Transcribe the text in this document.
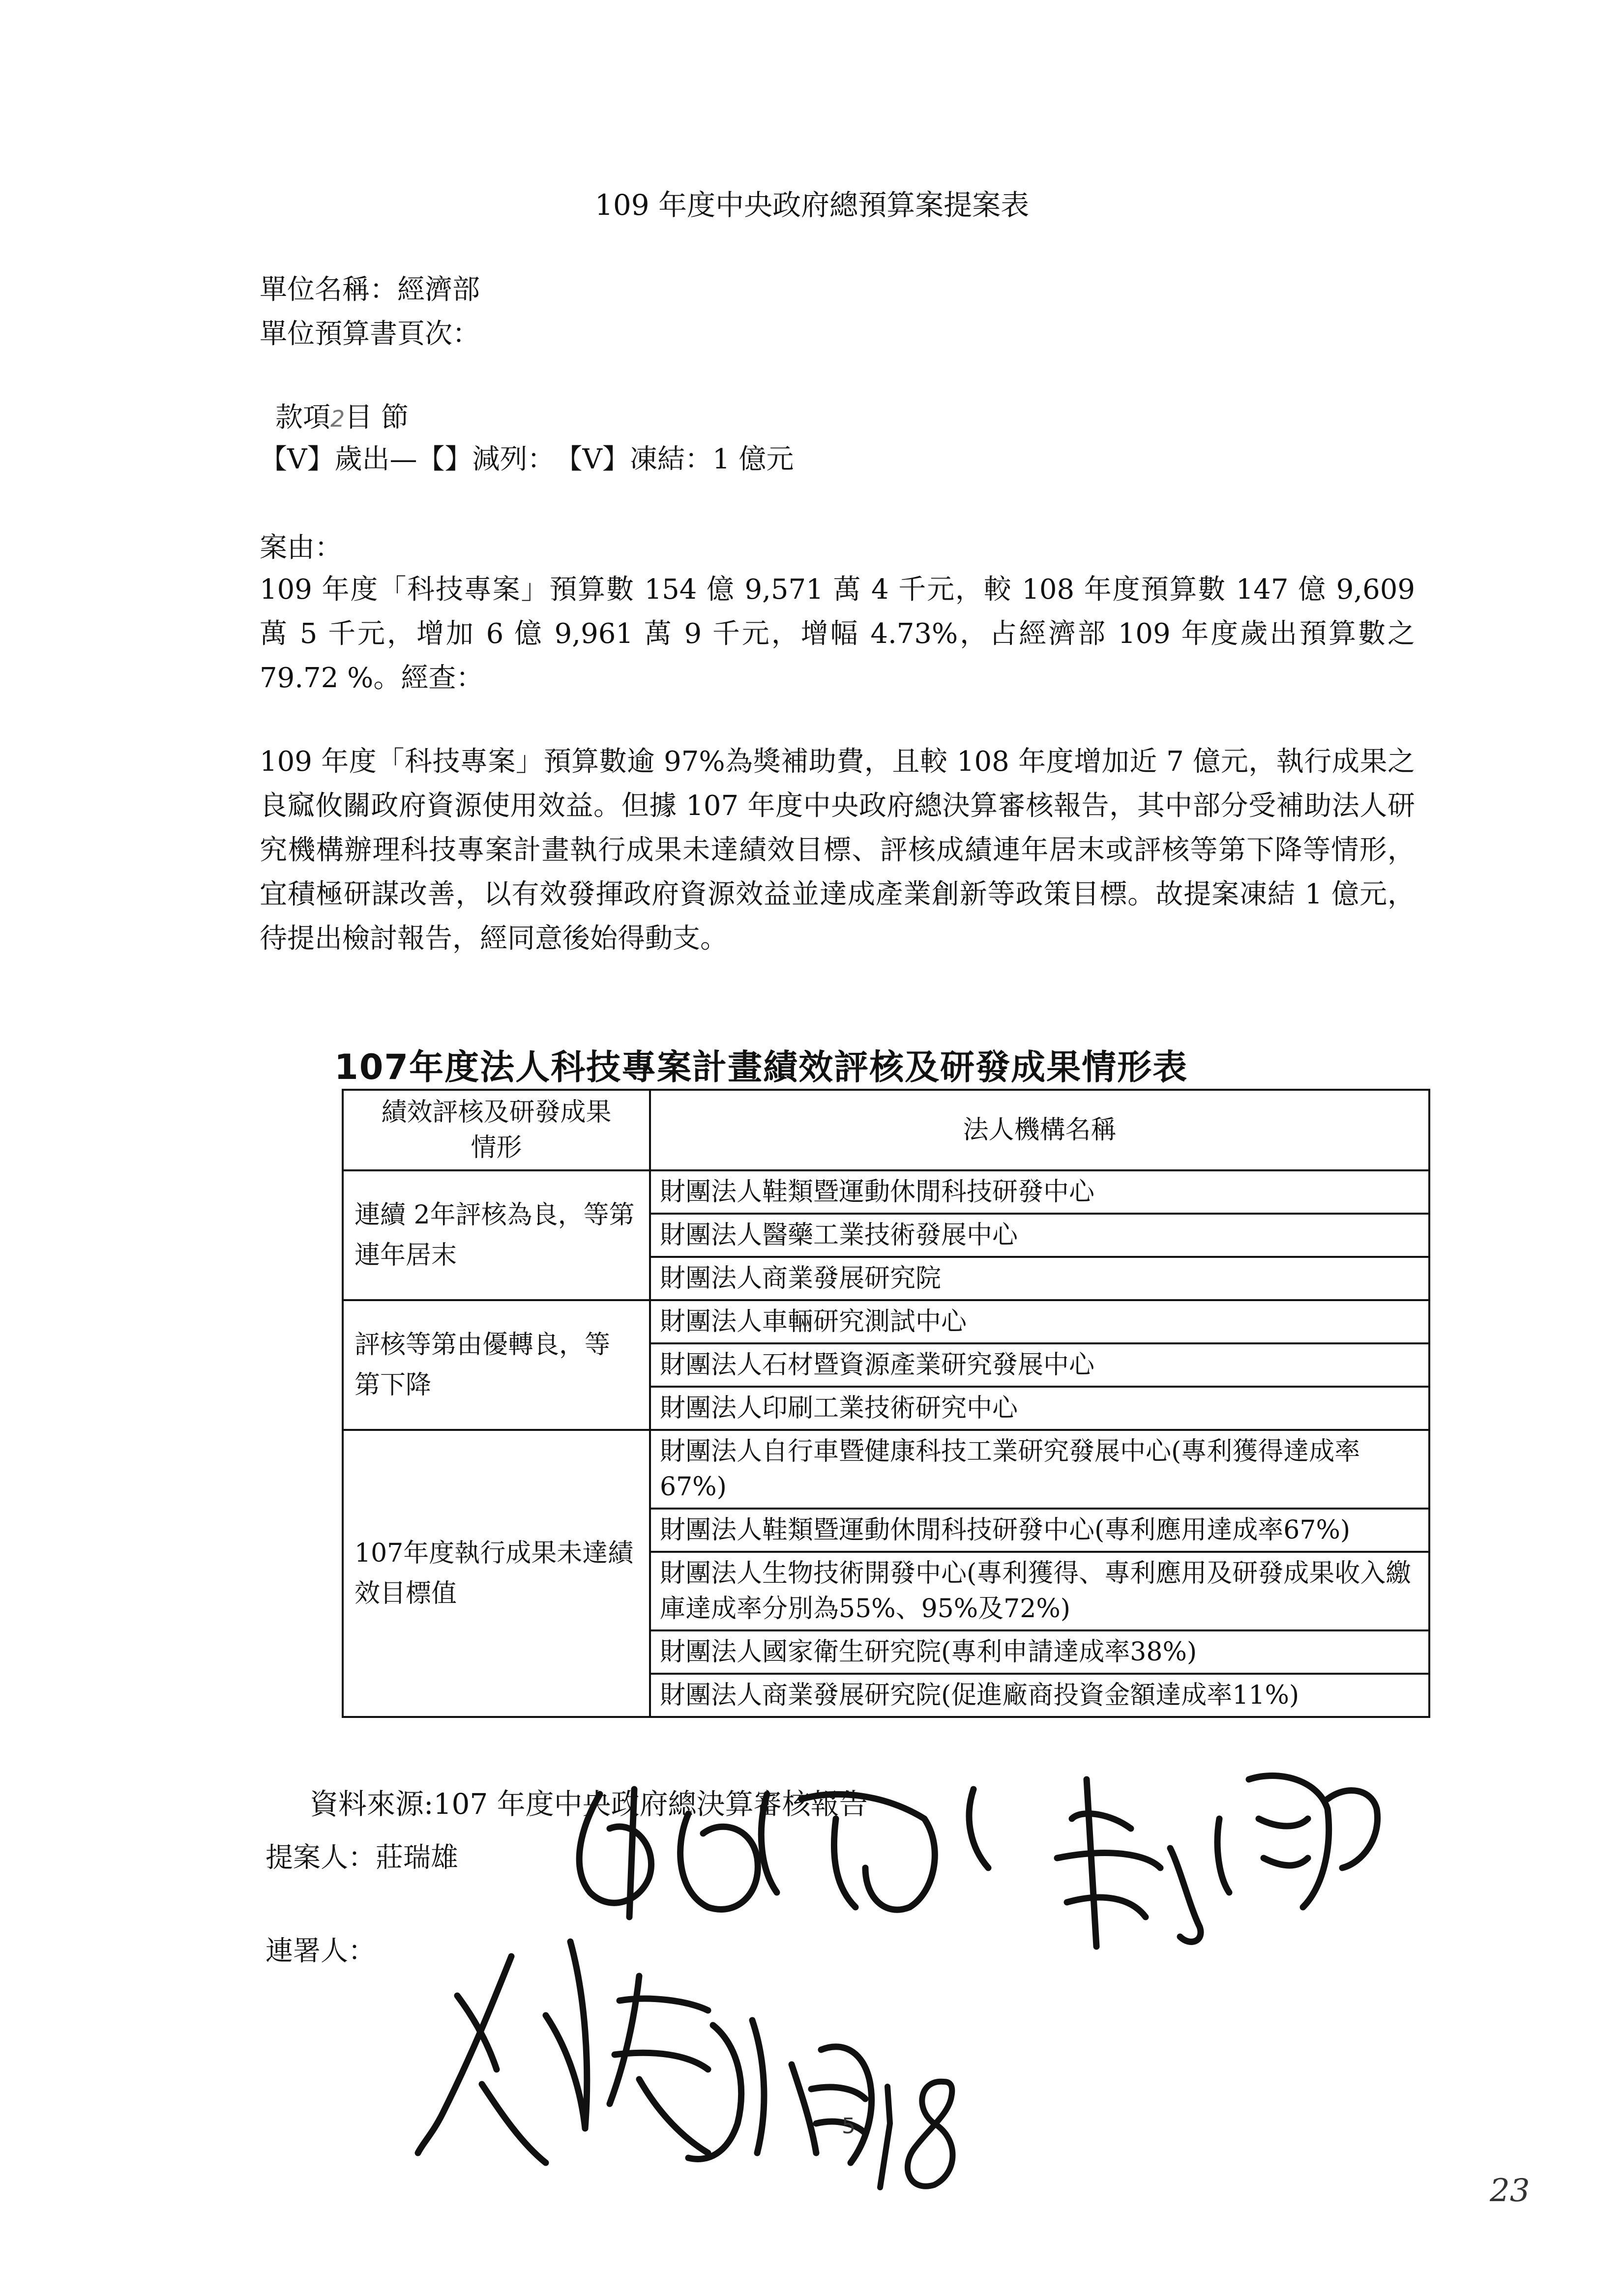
109 年度中央政府總預算案提案表
單位名稱：經濟部
單位預算書頁次：
款項2目 節
【V】歲出—【】減列：　【V】凍結：1 億元
案由：
109 年度「科技專案」預算數 154 億 9,571 萬 4 千元，較 108 年度預算數 147 億 9,609 萬 5 千元，增加 6 億 9,961 萬 9 千元，增幅 4.73%，占經濟部 109 年度歲出預算數之 79.72 %。經查：
109 年度「科技專案」預算數逾 97%為獎補助費，且較 108 年度增加近 7 億元，執行成果之良窳攸關政府資源使用效益。但據 107 年度中央政府總決算審核報告，其中部分受補助法人研究機構辦理科技專案計畫執行成果未達績效目標、評核成績連年居末或評核等第下降等情形，宜積極研謀改善，以有效發揮政府資源效益並達成產業創新等政策目標。故提案凍結 1 億元，待提出檢討報告，經同意後始得動支。
107年度法人科技專案計畫績效評核及研發成果情形表
績效評核及研發成果情形	法人機構名稱
連續 2年評核為良，等第連年居末	財團法人鞋類暨運動休閒科技研發中心
	財團法人醫藥工業技術發展中心
	財團法人商業發展研究院
評核等第由優轉良，等第下降	財團法人車輛研究測試中心
	財團法人石材暨資源產業研究發展中心
	財團法人印刷工業技術研究中心
107年度執行成果未達績效目標值	財團法人自行車暨健康科技工業研究發展中心(專利獲得達成率67%)
	財團法人鞋類暨運動休閒科技研發中心(專利應用達成率67%)
	財團法人生物技術開發中心(專利獲得、專利應用及研發成果收入繳庫達成率分別為55%、95%及72%)
	財團法人國家衛生研究院(專利申請達成率38%)
	財團法人商業發展研究院(促進廠商投資金額達成率11%)
資料來源:107 年度中央政府總決算審核報告
提案人：莊瑞雄
連署人：
5
23
